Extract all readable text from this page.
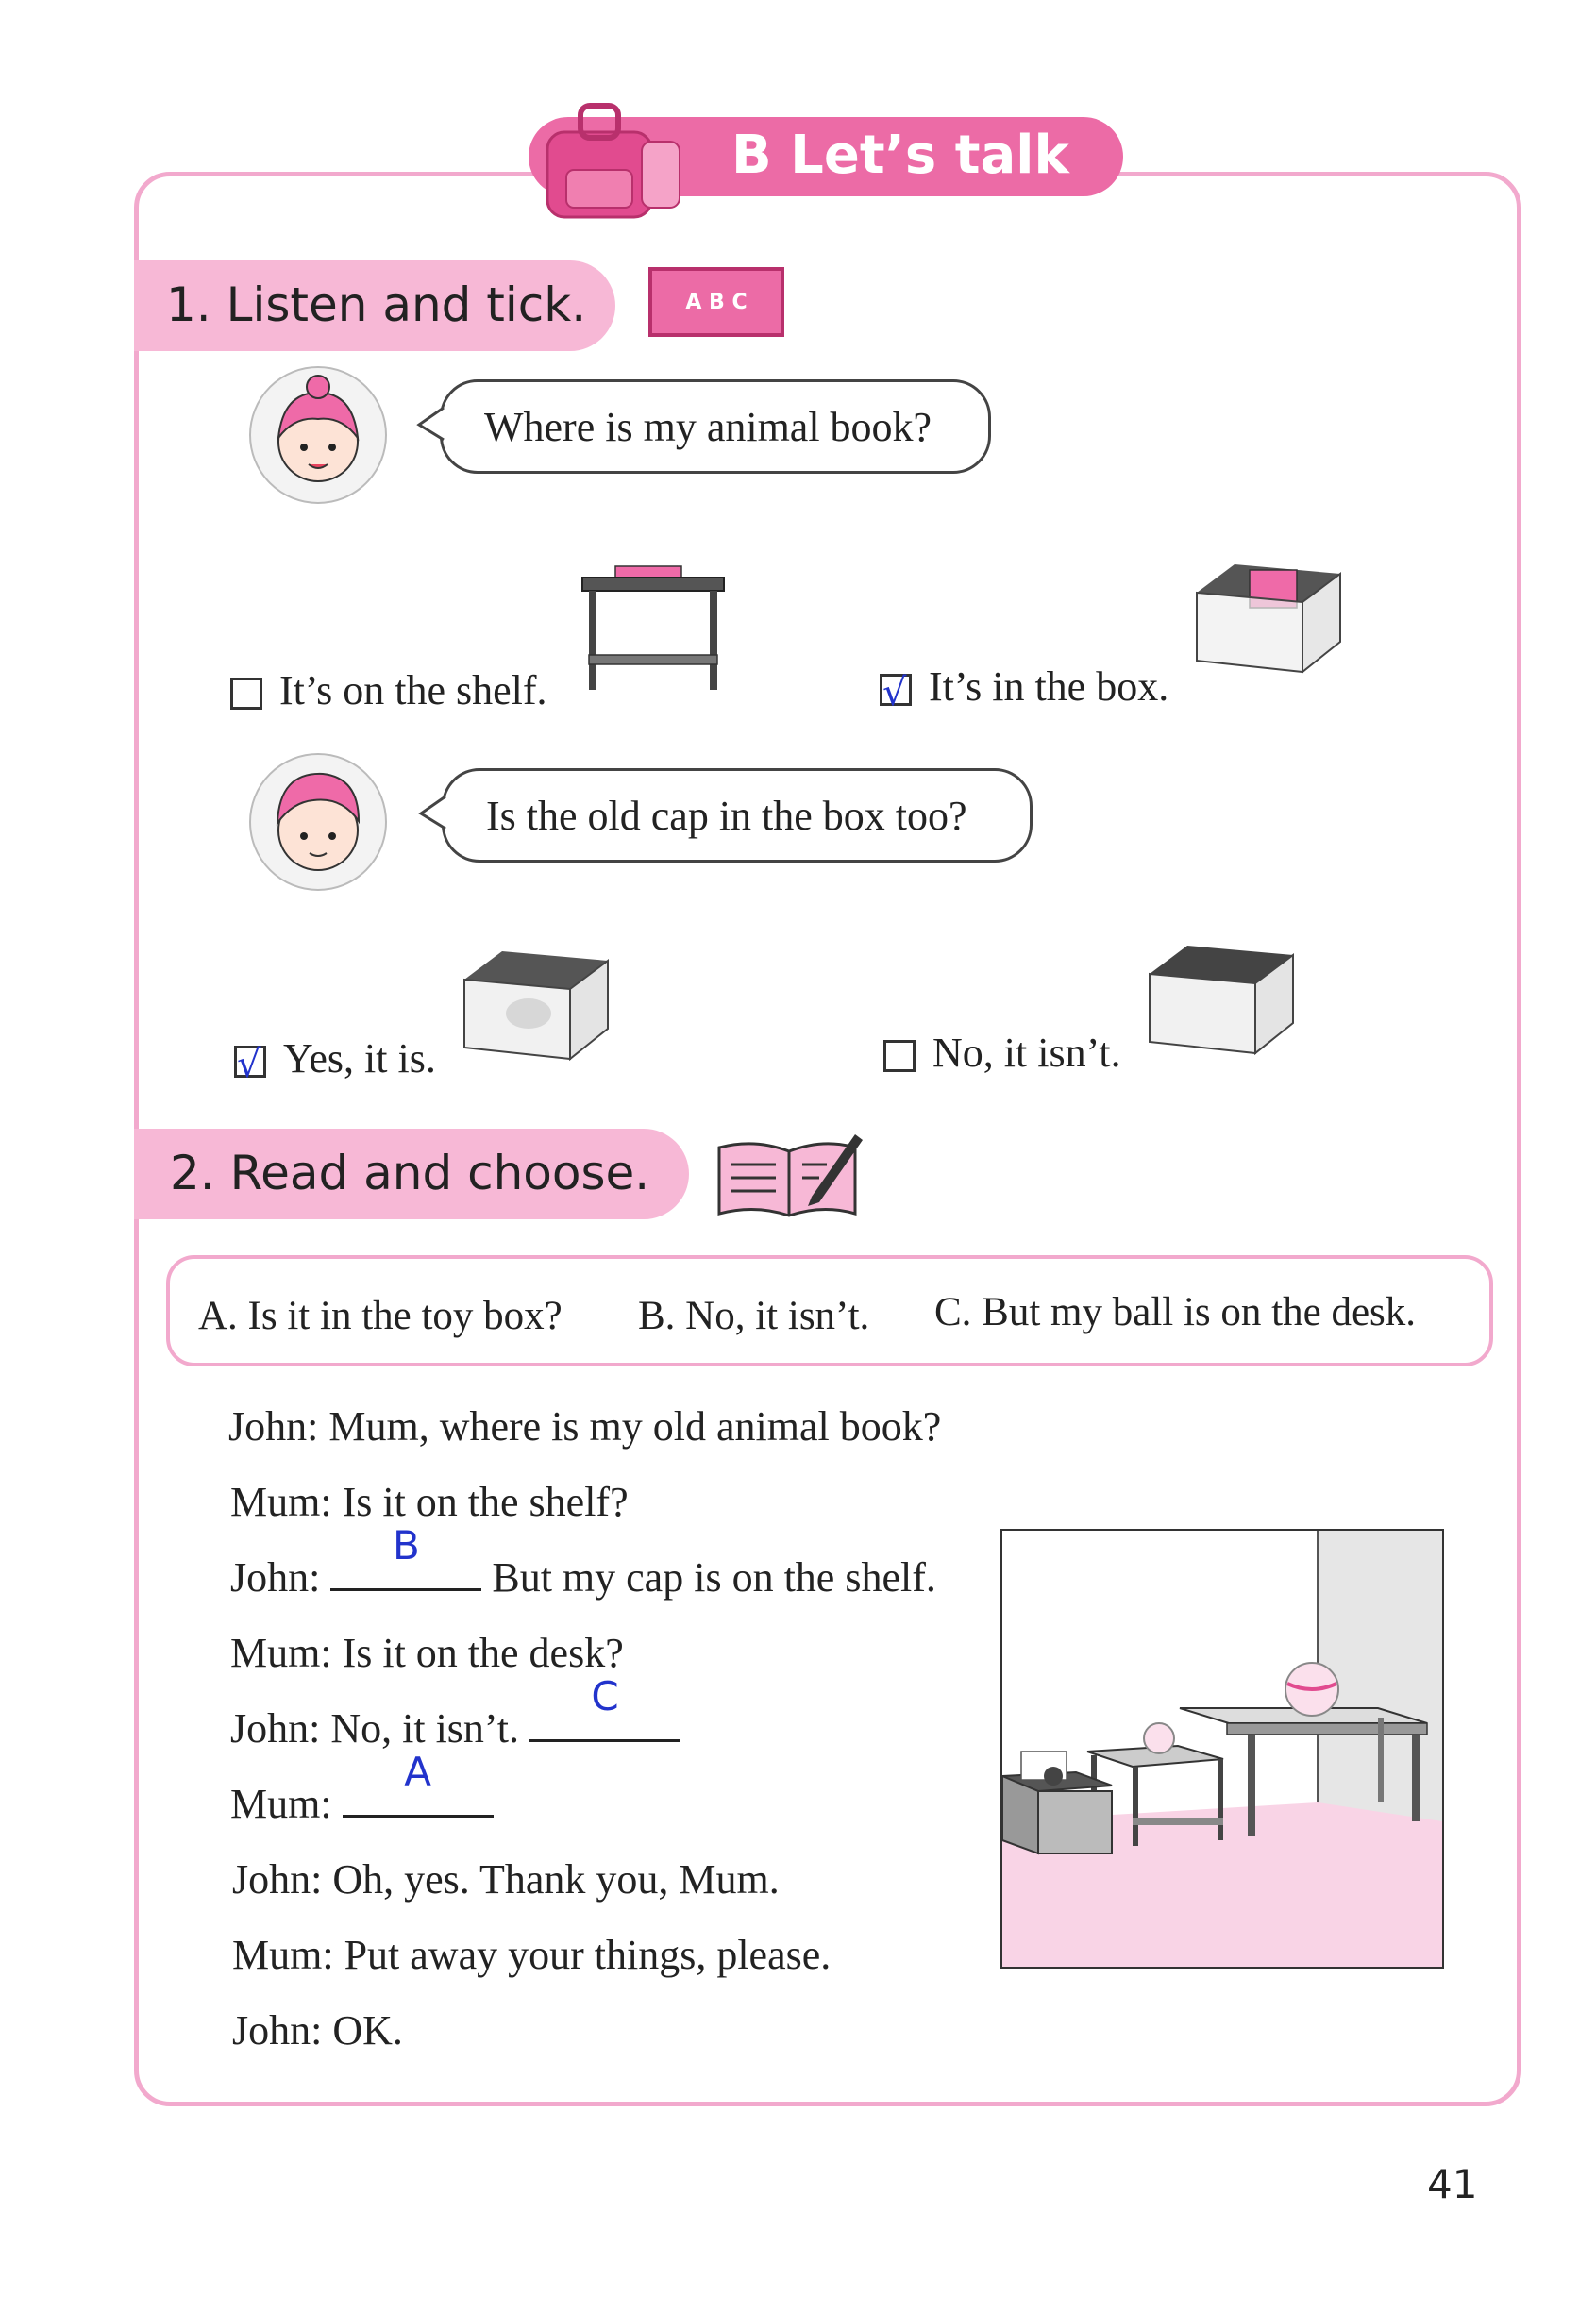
B Let’s talk
1. Listen and tick.	A B C
Where is my animal book?
It’s on the shelf.	√ It’s in the box.
Is the old cap in the box too?
√ Yes, it is.	No, it isn’t.
2. Read and choose.
A. Is it in the toy box? B. No, it isn’t. C. But my ball is on the desk.
John: Mum, where is my old animal book?
Mum: Is it on the shelf?
John:
B
But my cap is on the shelf.
Mum: Is it on the desk?
John: No, it isn’t.
C
Mum:
A
John: Oh, yes. Thank you, Mum.
Mum: Put away your things, please.
John: OK.
41
